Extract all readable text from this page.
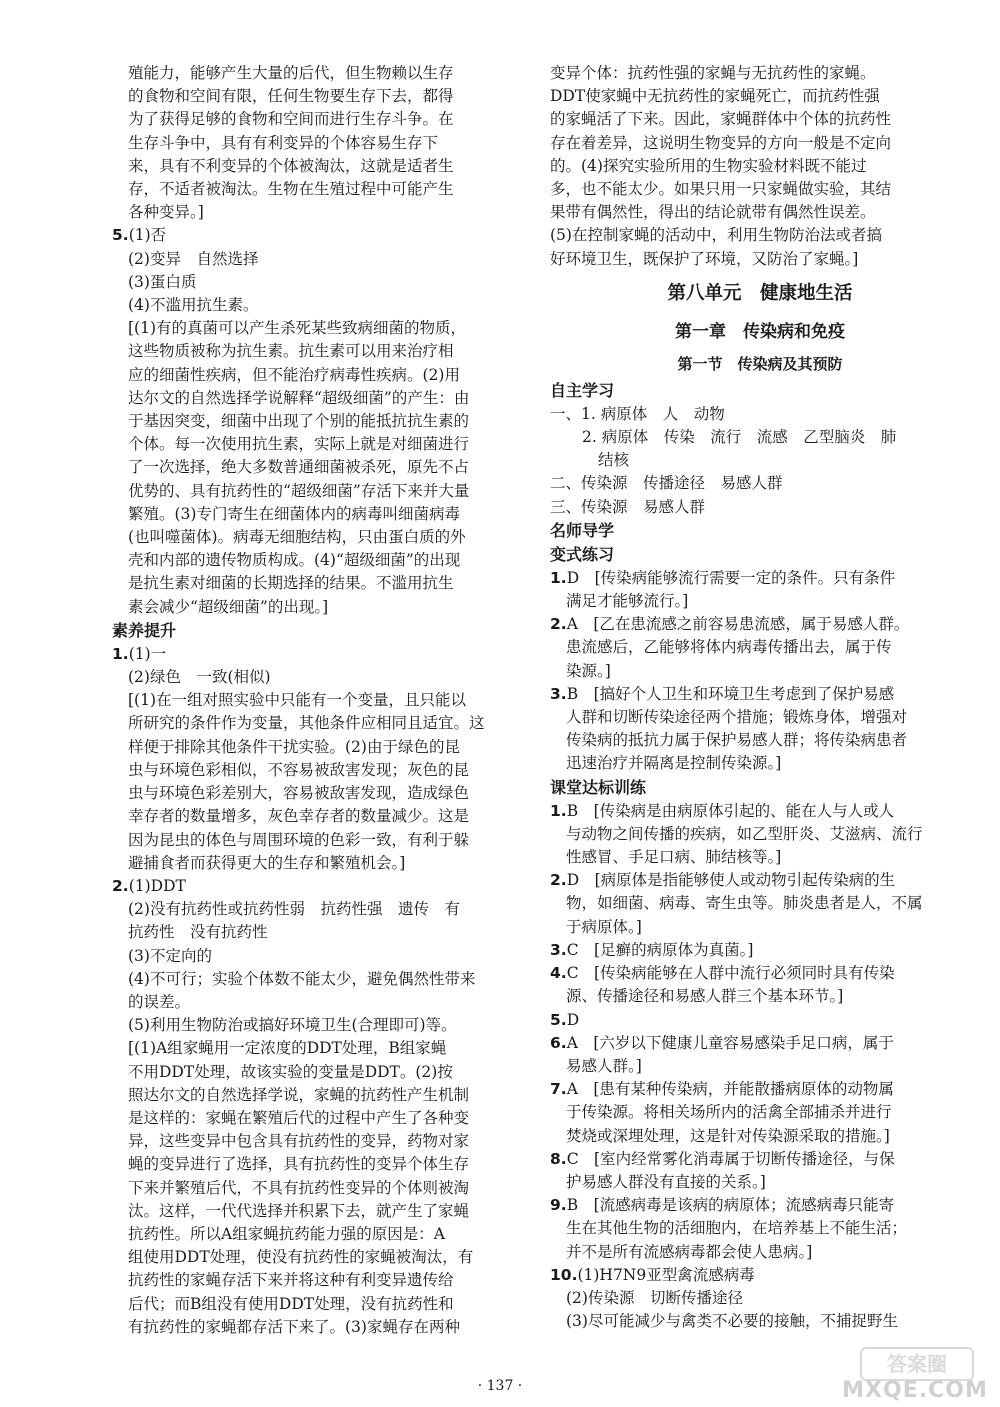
殖能力，能够产生大量的后代，但生物赖以生存
的食物和空间有限，任何生物要生存下去，都得
为了获得足够的食物和空间而进行生存斗争。在
生存斗争中，具有有利变异的个体容易生存下
来，具有不利变异的个体被淘汰，这就是适者生
存，不适者被淘汰。生物在生殖过程中可能产生
各种变异。]
5.(1)否
(2)变异　自然选择
(3)蛋白质
(4)不滥用抗生素。
[(1)有的真菌可以产生杀死某些致病细菌的物质，
这些物质被称为抗生素。抗生素可以用来治疗相
应的细菌性疾病，但不能治疗病毒性疾病。(2)用
达尔文的自然选择学说解释“超级细菌”的产生：由
于基因突变，细菌中出现了个别的能抵抗抗生素的
个体。每一次使用抗生素，实际上就是对细菌进行
了一次选择，绝大多数普通细菌被杀死，原先不占
优势的、具有抗药性的“超级细菌”存活下来并大量
繁殖。(3)专门寄生在细菌体内的病毒叫细菌病毒
(也叫噬菌体)。病毒无细胞结构，只由蛋白质的外
壳和内部的遗传物质构成。(4)“超级细菌”的出现
是抗生素对细菌的长期选择的结果。不滥用抗生
素会减少“超级细菌”的出现。]
素养提升
1.(1)一
(2)绿色　一致(相似)
[(1)在一组对照实验中只能有一个变量，且只能以
所研究的条件作为变量，其他条件应相同且适宜。这
样便于排除其他条件干扰实验。(2)由于绿色的昆
虫与环境色彩相似，不容易被敌害发现；灰色的昆
虫与环境色彩差别大，容易被敌害发现，造成绿色
幸存者的数量增多，灰色幸存者的数量减少。这是
因为昆虫的体色与周围环境的色彩一致，有利于躲
避捕食者而获得更大的生存和繁殖机会。]
2.(1)DDT
(2)没有抗药性或抗药性弱　抗药性强　遗传　有
抗药性　没有抗药性
(3)不定向的
(4)不可行；实验个体数不能太少，避免偶然性带来
的误差。
(5)利用生物防治或搞好环境卫生(合理即可)等。
[(1)A组家蝇用一定浓度的DDT处理，B组家蝇
不用DDT处理，故该实验的变量是DDT。(2)按
照达尔文的自然选择学说，家蝇的抗药性产生机制
是这样的：家蝇在繁殖后代的过程中产生了各种变
异，这些变异中包含具有抗药性的变异，药物对家
蝇的变异进行了选择，具有抗药性的变异个体生存
下来并繁殖后代，不具有抗药性变异的个体则被淘
汰。这样，一代代选择并积累下去，就产生了家蝇
抗药性。所以A组家蝇抗药能力强的原因是：A
组使用DDT处理，使没有抗药性的家蝇被淘汰，有
抗药性的家蝇存活下来并将这种有利变异遗传给
后代；而B组没有使用DDT处理，没有抗药性和
有抗药性的家蝇都存活下来了。(3)家蝇存在两种
变异个体：抗药性强的家蝇与无抗药性的家蝇。
DDT使家蝇中无抗药性的家蝇死亡，而抗药性强
的家蝇活了下来。因此，家蝇群体中个体的抗药性
存在着差异，这说明生物变异的方向一般是不定向
的。(4)探究实验所用的生物实验材料既不能过
多，也不能太少。如果只用一只家蝇做实验，其结
果带有偶然性，得出的结论就带有偶然性误差。
(5)在控制家蝇的活动中，利用生物防治法或者搞
好环境卫生，既保护了环境，又防治了家蝇。]
第八单元　健康地生活
第一章　传染病和免疫
第一节　传染病及其预防
自主学习
一、1. 病原体　人　动物
2. 病原体　传染　流行　流感　乙型脑炎　肺
结核
二、传染源　传播途径　易感人群
三、传染源　易感人群
名师导学
变式练习
1.D　[传染病能够流行需要一定的条件。只有条件
满足才能够流行。]
2.A　[乙在患流感之前容易患流感，属于易感人群。
患流感后，乙能够将体内病毒传播出去，属于传
染源。]
3.B　[搞好个人卫生和环境卫生考虑到了保护易感
人群和切断传染途径两个措施；锻炼身体，增强对
传染病的抵抗力属于保护易感人群；将传染病患者
迅速治疗并隔离是控制传染源。]
课堂达标训练
1.B　[传染病是由病原体引起的、能在人与人或人
与动物之间传播的疾病，如乙型肝炎、艾滋病、流行
性感冒、手足口病、肺结核等。]
2.D　[病原体是指能够使人或动物引起传染病的生
物，如细菌、病毒、寄生虫等。肺炎患者是人，不属
于病原体。]
3.C　[足癣的病原体为真菌。]
4.C　[传染病能够在人群中流行必须同时具有传染
源、传播途径和易感人群三个基本环节。]
5.D
6.A　[六岁以下健康儿童容易感染手足口病，属于
易感人群。]
7.A　[患有某种传染病，并能散播病原体的动物属
于传染源。将相关场所内的活禽全部捕杀并进行
焚烧或深埋处理，这是针对传染源采取的措施。]
8.C　[室内经常雾化消毒属于切断传播途径，与保
护易感人群没有直接的关系。]
9.B　[流感病毒是该病的病原体；流感病毒只能寄
生在其他生物的活细胞内，在培养基上不能生活；
并不是所有流感病毒都会使人患病。]
10.(1)H7N9亚型禽流感病毒
(2)传染源　切断传播途径
(3)尽可能减少与禽类不必要的接触，不捕捉野生
· 137 ·
答案圈
MXQE.COM
